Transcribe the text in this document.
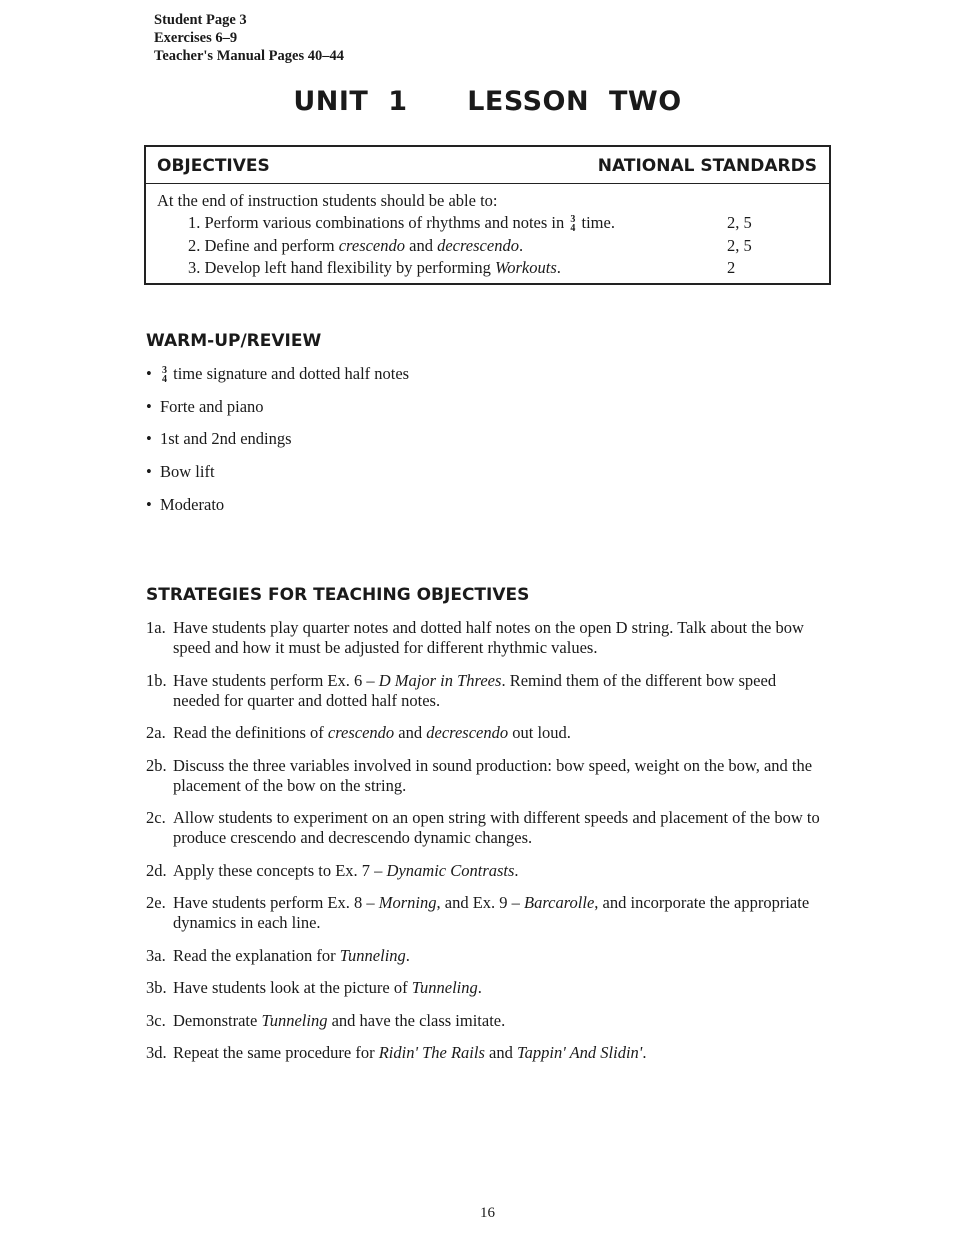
Student Page 3
Exercises 6–9
Teacher's Manual Pages 40–44
UNIT 1   LESSON TWO
OBJECTIVES	NATIONAL STANDARDS
At the end of instruction students should be able to:
1. Perform various combinations of rhythms and notes in 3
4 time.	2, 5
2. Define and perform crescendo and decrescendo.	2, 5
3. Develop left hand flexibility by performing Workouts.	2
WARM-UP/REVIEW
• 3
4 time signature and dotted half notes
• Forte and piano
• 1st and 2nd endings
• Bow lift
• Moderato
STRATEGIES FOR TEACHING OBJECTIVES
1a. Have students play quarter notes and dotted half notes on the open D string. Talk about the bow speed and how it must be adjusted for different rhythmic values.
1b. Have students perform Ex. 6 – D Major in Threes. Remind them of the different bow speed needed for quarter and dotted half notes.
2a. Read the definitions of crescendo and decrescendo out loud.
2b. Discuss the three variables involved in sound production: bow speed, weight on the bow, and the placement of the bow on the string.
2c. Allow students to experiment on an open string with different speeds and placement of the bow to produce crescendo and decrescendo dynamic changes.
2d. Apply these concepts to Ex. 7 – Dynamic Contrasts.
2e. Have students perform Ex. 8 – Morning, and Ex. 9 – Barcarolle, and incorporate the appropriate dynamics in each line.
3a. Read the explanation for Tunneling.
3b. Have students look at the picture of Tunneling.
3c. Demonstrate Tunneling and have the class imitate.
3d. Repeat the same procedure for Ridin' The Rails and Tappin' And Slidin'.
16
